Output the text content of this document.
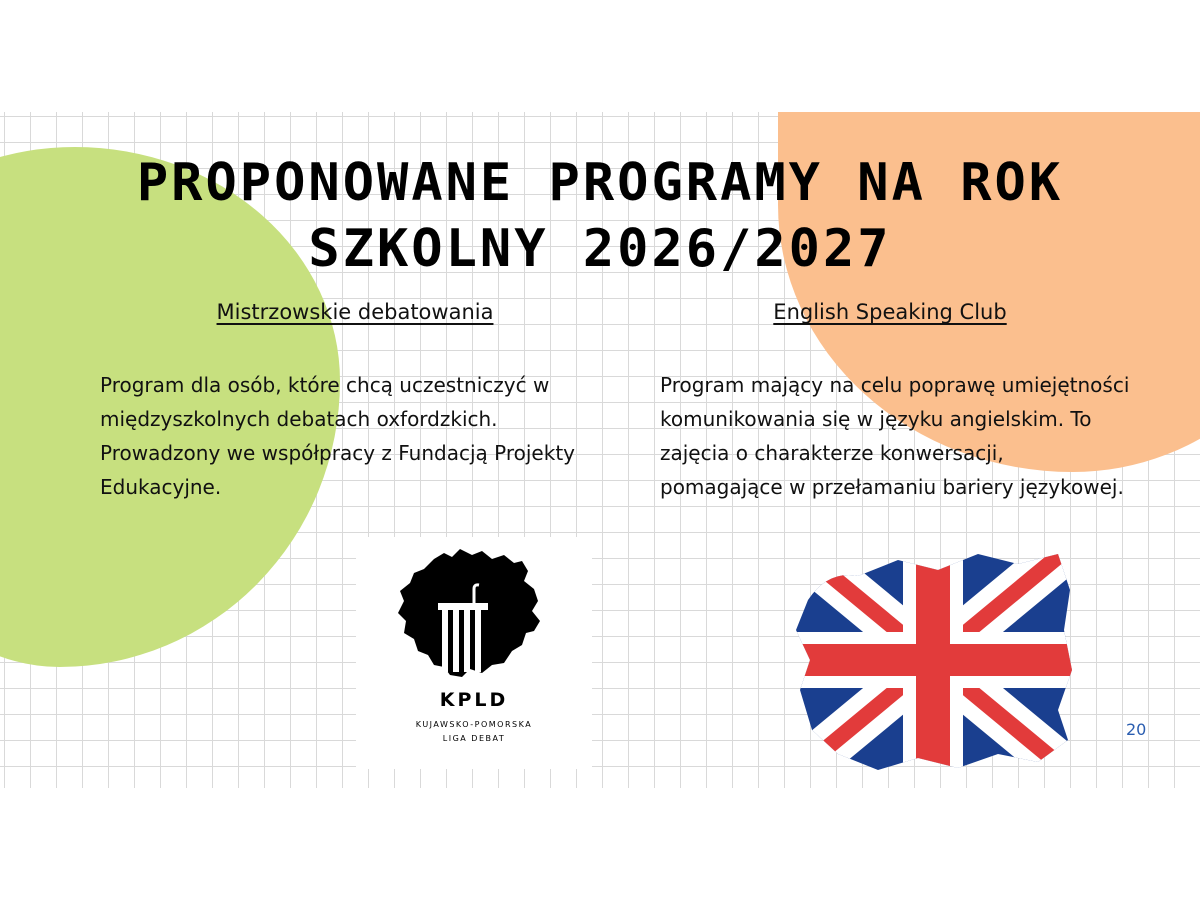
PROPONOWANE PROGRAMY NA ROK SZKOLNY 2026/2027
Mistrzowskie debatowania	English Speaking Club
Program dla osób, które chcą uczestniczyć w międzyszkolnych debatach oxfordzkich. Prowadzony we współpracy z Fundacją Projekty Edukacyjne.
Program mający na celu poprawę umiejętności komunikowania się w języku angielskim. To zajęcia o charakterze konwersacji, pomagające w przełamaniu bariery językowej.
KPLD
KUJAWSKO-POMORSKA
LIGA DEBAT	20
